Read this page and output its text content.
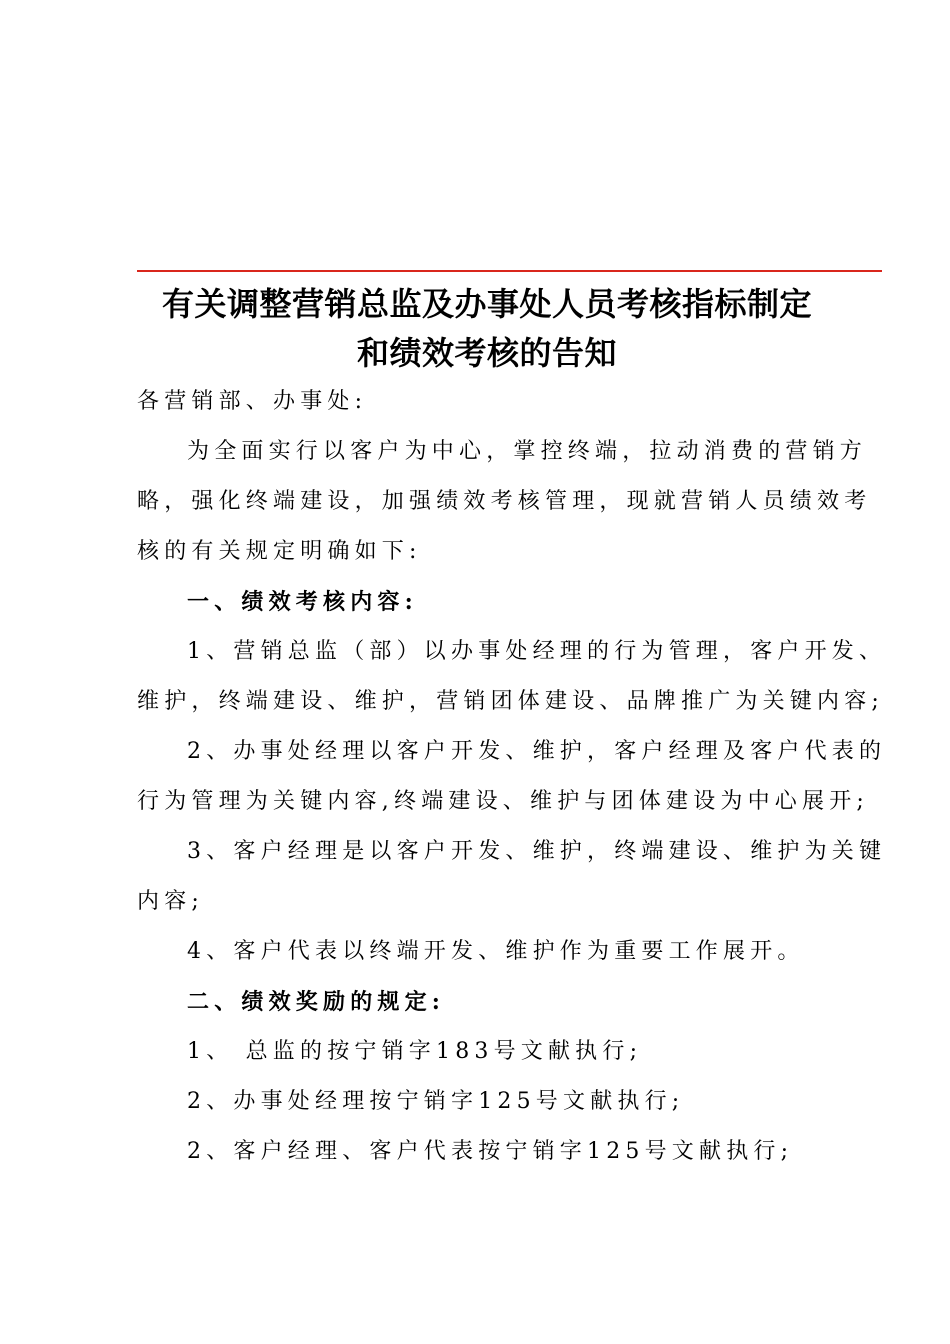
有关调整营销总监及办事处人员考核指标制定
和绩效考核的告知
各营销部、办事处:
为全面实行以客户为中心，掌控终端，拉动消费的营销方
略，强化终端建设，加强绩效考核管理，现就营销人员绩效考
核的有关规定明确如下:
一、绩效考核内容:
1、营销总监（部）以办事处经理的行为管理，客户开发、
维护，终端建设、维护，营销团体建设、品牌推广为关键内容;
2、办事处经理以客户开发、维护，客户经理及客户代表的
行为管理为关键内容,终端建设、维护与团体建设为中心展开;
3、客户经理是以客户开发、维护，终端建设、维护为关键
内容;
4、客户代表以终端开发、维护作为重要工作展开。
二、绩效奖励的规定:
1、 总监的按宁销字183号文献执行;
2、办事处经理按宁销字125号文献执行;
2、客户经理、客户代表按宁销字125号文献执行;
